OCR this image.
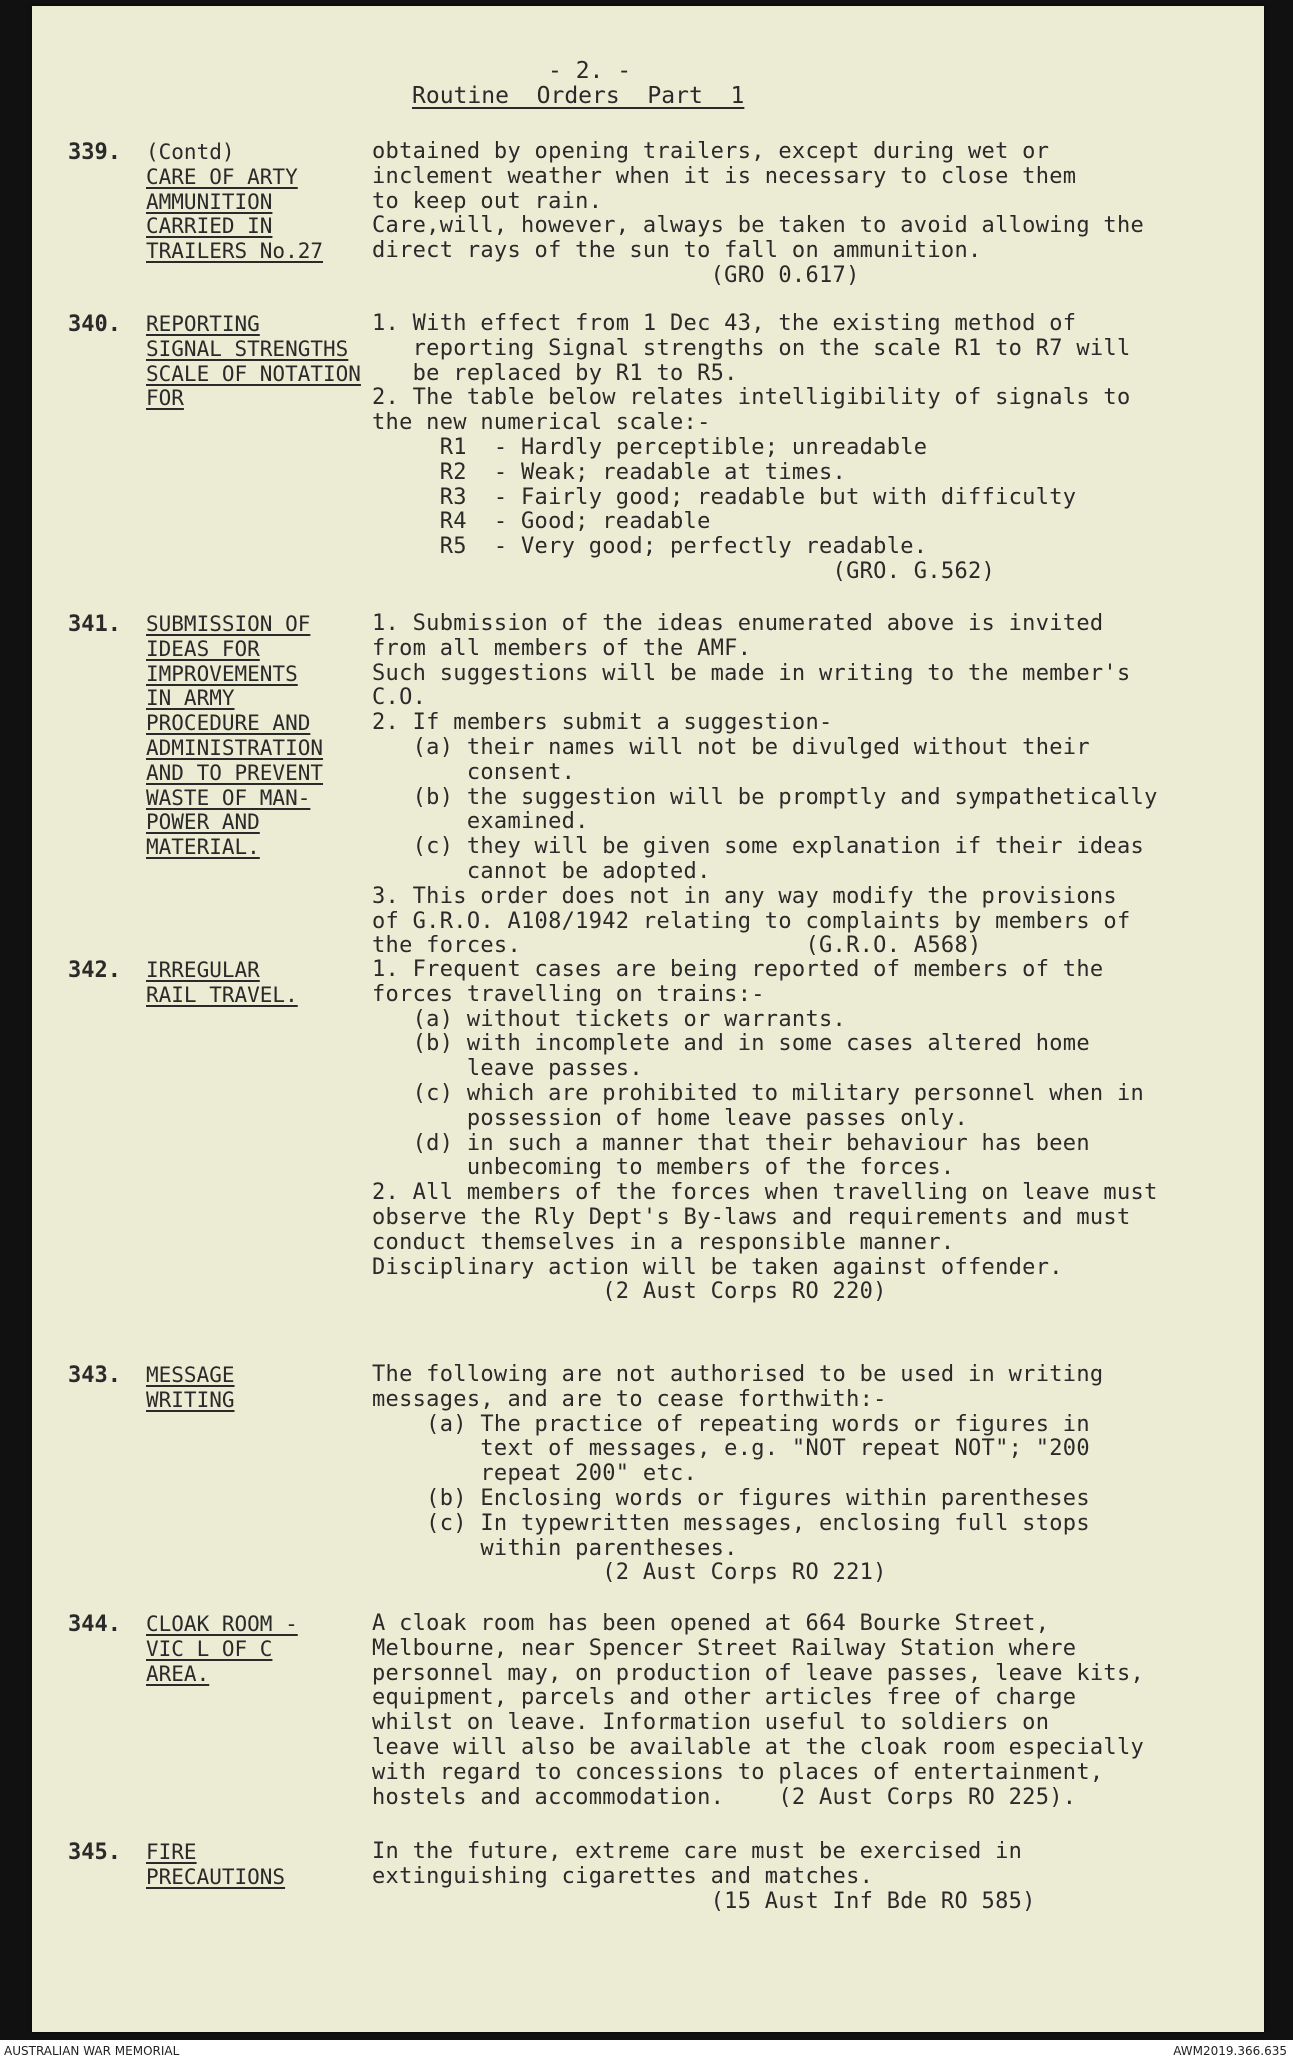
- 2. -
Routine  Orders  Part  1
339. (Contd)
CARE OF ARTY
AMMUNITION
CARRIED IN
TRAILERS No.27
obtained by opening trailers, except during wet or
inclement weather when it is necessary to close them
to keep out rain.
Care,will, however, always be taken to avoid allowing the
direct rays of the sun to fall on ammunition.
(GRO 0.617)
340. REPORTING
SIGNAL STRENGTHS
SCALE OF NOTATION
FOR
1. With effect from 1 Dec 43, the existing method of
reporting Signal strengths on the scale R1 to R7 will
be replaced by R1 to R5.
2. The table below relates intelligibility of signals to
the new numerical scale:-
R1  - Hardly perceptible; unreadable
R2  - Weak; readable at times.
R3  - Fairly good; readable but with difficulty
R4  - Good; readable
R5  - Very good; perfectly readable.
(GRO. G.562)
341. SUBMISSION OF
IDEAS FOR
IMPROVEMENTS
IN ARMY
PROCEDURE AND
ADMINISTRATION
AND TO PREVENT
WASTE OF MAN-
POWER AND
MATERIAL.
1. Submission of the ideas enumerated above is invited
from all members of the AMF.
Such suggestions will be made in writing to the member's
C.O.
2. If members submit a suggestion-
(a) their names will not be divulged without their
consent.
(b) the suggestion will be promptly and sympathetically
examined.
(c) they will be given some explanation if their ideas
cannot be adopted.
3. This order does not in any way modify the provisions
of G.R.O. A108/1942 relating to complaints by members of
the forces.                     (G.R.O. A568)
342. IRREGULAR
RAIL TRAVEL.
1. Frequent cases are being reported of members of the
forces travelling on trains:-
(a) without tickets or warrants.
(b) with incomplete and in some cases altered home
leave passes.
(c) which are prohibited to military personnel when in
possession of home leave passes only.
(d) in such a manner that their behaviour has been
unbecoming to members of the forces.
2. All members of the forces when travelling on leave must
observe the Rly Dept's By-laws and requirements and must
conduct themselves in a responsible manner.
Disciplinary action will be taken against offender.
(2 Aust Corps RO 220)
343. MESSAGE
WRITING
The following are not authorised to be used in writing
messages, and are to cease forthwith:-
(a) The practice of repeating words or figures in
text of messages, e.g. "NOT repeat NOT"; "200
repeat 200" etc.
(b) Enclosing words or figures within parentheses
(c) In typewritten messages, enclosing full stops
within parentheses.
(2 Aust Corps RO 221)
344. CLOAK ROOM -
VIC L OF C
AREA.
A cloak room has been opened at 664 Bourke Street,
Melbourne, near Spencer Street Railway Station where
personnel may, on production of leave passes, leave kits,
equipment, parcels and other articles free of charge
whilst on leave. Information useful to soldiers on
leave will also be available at the cloak room especially
with regard to concessions to places of entertainment,
hostels and accommodation.    (2 Aust Corps RO 225).
345. FIRE
PRECAUTIONS
In the future, extreme care must be exercised in
extinguishing cigarettes and matches.
(15 Aust Inf Bde RO 585)
AUSTRALIAN WAR MEMORIAL	AWM2019.366.635
